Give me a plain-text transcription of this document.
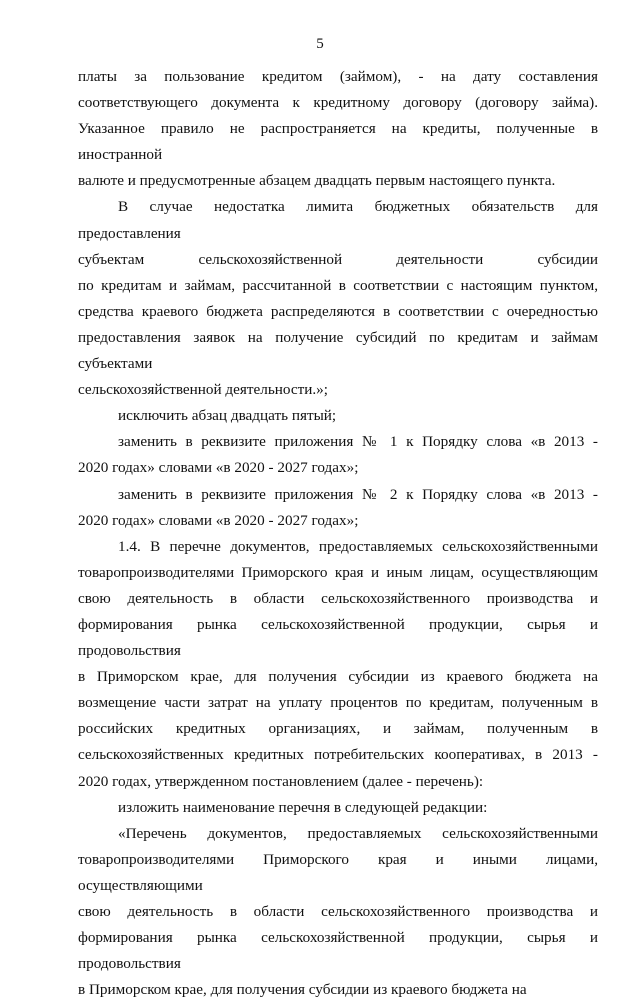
5
платы за пользование кредитом (займом), - на дату составления
соответствующего документа к кредитному договору (договору займа).
Указанное правило не распространяется на кредиты, полученные в иностранной
валюте и предусмотренные абзацем двадцать первым настоящего пункта.
В случае недостатка лимита бюджетных обязательств для предоставления
субъектам сельскохозяйственной деятельности субсидии
по кредитам и займам, рассчитанной в соответствии с настоящим пунктом,
средства краевого бюджета распределяются в соответствии с очередностью
предоставления заявок на получение субсидий по кредитам и займам субъектами
сельскохозяйственной деятельности.»;
исключить абзац двадцать пятый;
заменить в реквизите приложения № 1 к Порядку слова «в 2013 -
2020 годах» словами «в 2020 - 2027 годах»;
заменить в реквизите приложения № 2 к Порядку слова «в 2013 -
2020 годах» словами «в 2020 - 2027 годах»;
1.4. В перечне документов, предоставляемых сельскохозяйственными
товаропроизводителями Приморского края и иным лицам, осуществляющим
свою деятельность в области сельскохозяйственного производства и
формирования рынка сельскохозяйственной продукции, сырья и продовольствия
в Приморском крае, для получения субсидии из краевого бюджета на
возмещение части затрат на уплату процентов по кредитам, полученным в
российских кредитных организациях, и займам, полученным в
сельскохозяйственных кредитных потребительских кооперативах, в 2013 -
2020 годах, утвержденном постановлением (далее - перечень):
изложить наименование перечня в следующей редакции:
«Перечень документов, предоставляемых сельскохозяйственными
товаропроизводителями Приморского края и иными лицами, осуществляющими
свою деятельность в области сельскохозяйственного производства и
формирования рынка сельскохозяйственной продукции, сырья и продовольствия
в Приморском крае, для получения субсидии из краевого бюджета на
